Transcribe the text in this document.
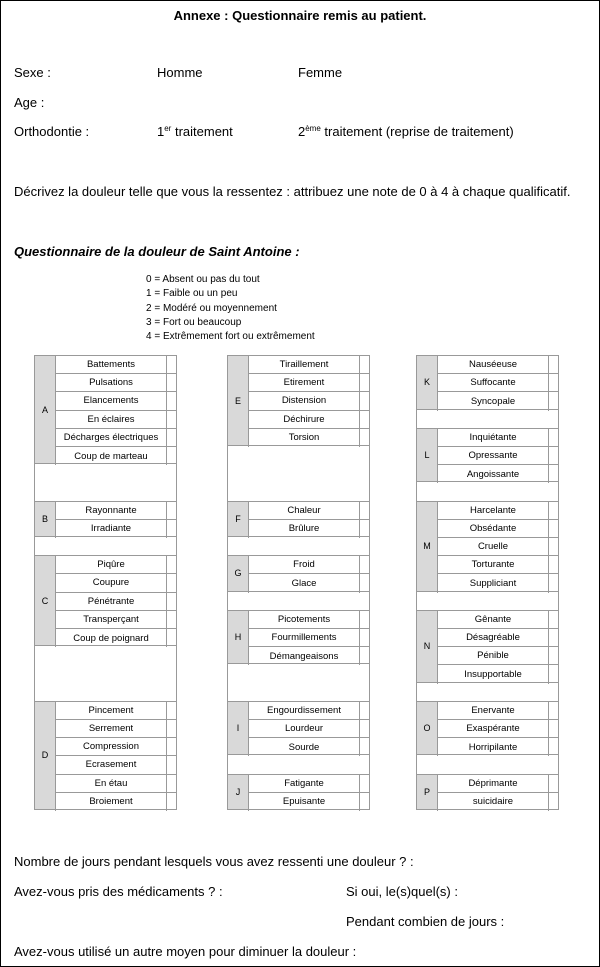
Annexe : Questionnaire remis au patient.
Sexe :	Homme	Femme
Age :
Orthodontie :	1er traitement	2ème traitement (reprise de traitement)
Décrivez la douleur telle que vous la ressentez : attribuez une note de 0 à 4 à chaque qualificatif.
Questionnaire de la douleur de Saint Antoine :
0 = Absent ou pas du tout
1 = Faible ou un peu
2 = Modéré ou moyennement
3 = Fort ou beaucoup
4 = Extrêmement fort ou extrêmement
A
Battements
Pulsations
Elancements
En éclaires
Décharges électriques
Coup de marteau
B
Rayonnante
Irradiante
C
Piqûre
Coupure
Pénétrante
Transperçant
Coup de poignard
D
Pincement
Serrement
Compression
Ecrasement
En étau
Broiement
E
Tiraillement
Etirement
Distension
Déchirure
Torsion
F
Chaleur
Brûlure
G
Froid
Glace
H
Picotements
Fourmillements
Démangeaisons
I
Engourdissement
Lourdeur
Sourde
J
Fatigante
Epuisante
K
Nauséeuse
Suffocante
Syncopale
L
Inquiétante
Opressante
Angoissante
M
Harcelante
Obsédante
Cruelle
Torturante
Suppliciant
N
Gênante
Désagréable
Pénible
Insupportable
O
Enervante
Exaspérante
Horripilante
P
Déprimante
suicidaire
Nombre de jours pendant lesquels vous avez ressenti une douleur ? :
Avez-vous pris des médicaments ? :	Si oui, le(s)quel(s) :
Pendant combien de jours :
Avez-vous utilisé un autre moyen pour diminuer la douleur :
